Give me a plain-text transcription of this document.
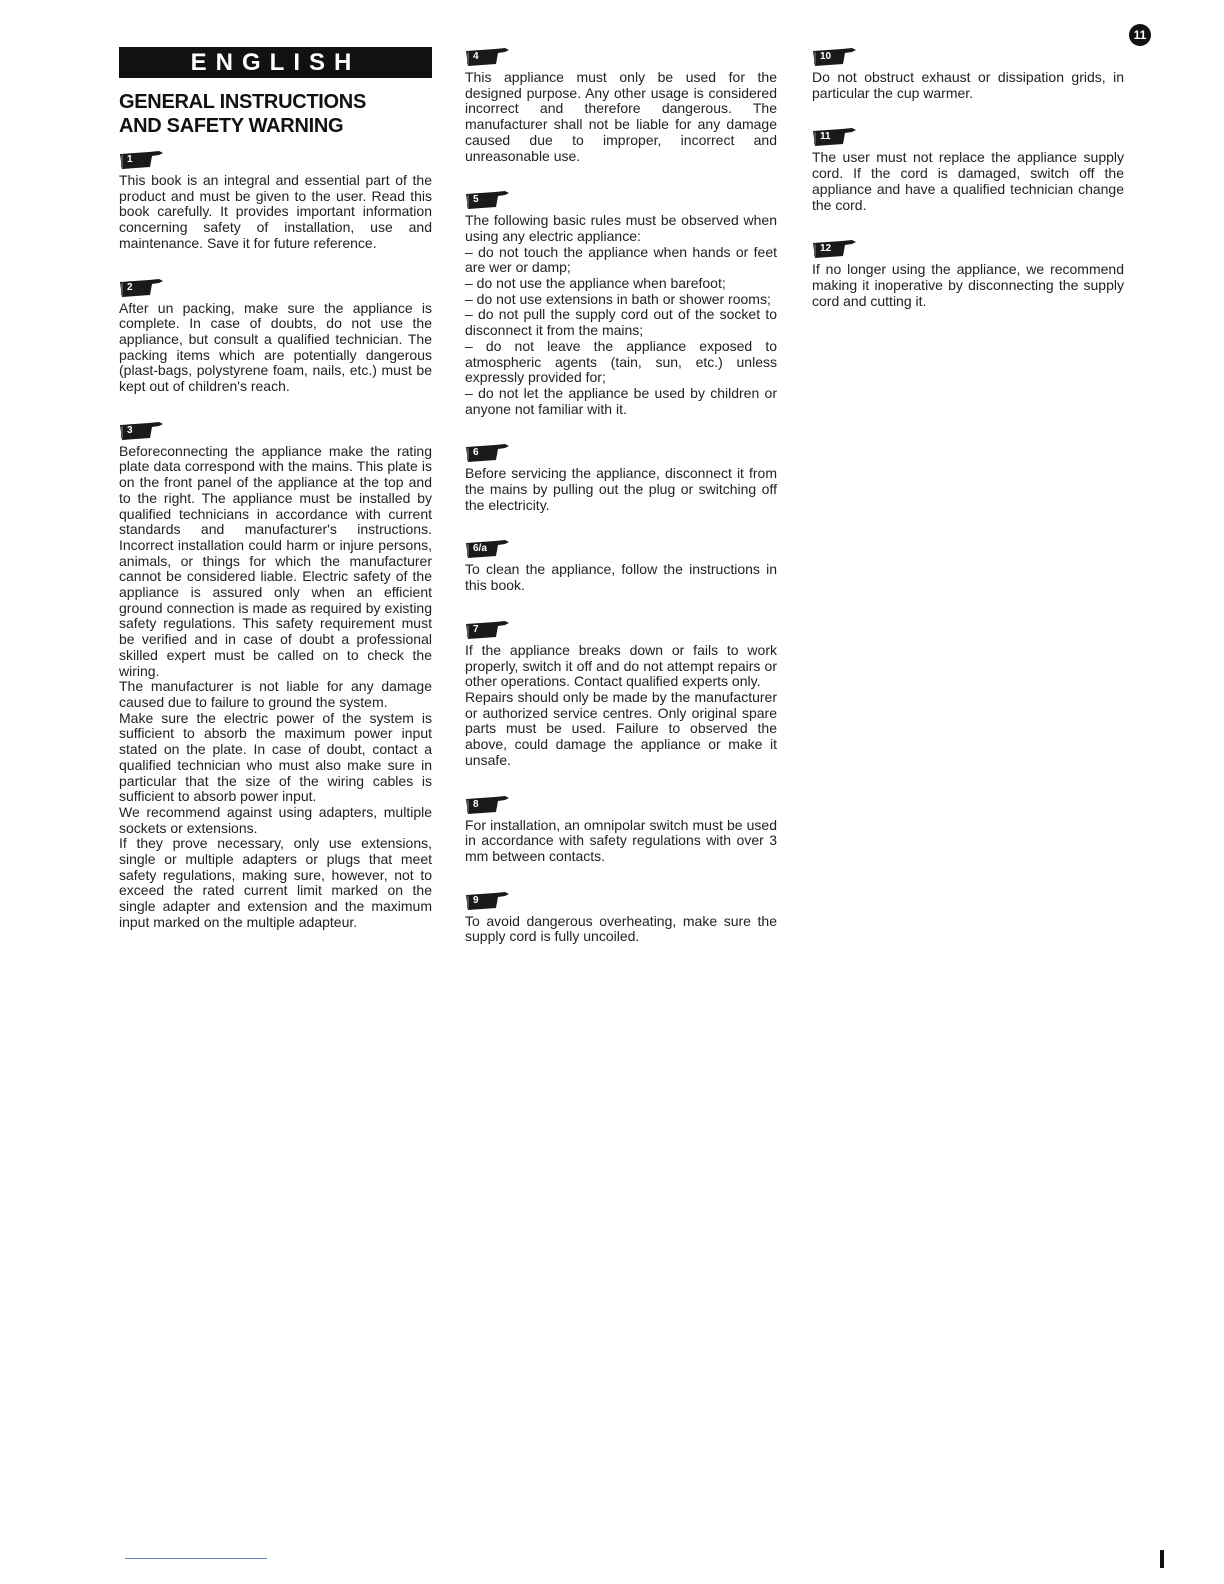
11
ENGLISH
GENERAL INSTRUCTIONS
AND SAFETY WARNING
1

This book is an integral and essential part of the product and must be given to the user. Read this book carefully. It provides important information concerning safety of installation, use and maintenance. Save it for future reference.

2

After un packing, make sure the appliance is complete. In case of doubts, do not use the appliance, but consult a qualified technician. The packing items which are potentially dangerous (plast-bags, polystyrene foam, nails, etc.) must be kept out of children's reach.

3

Beforeconnecting the appliance make the rating plate data correspond with the mains. This plate is on the front panel of the appliance at the top and to the right. The appliance must be installed by qualified technicians in accordance with current standards and manufacturer's instructions. Incorrect installation could harm or injure persons, animals, or things for which the manufacturer cannot be considered liable. Electric safety of the appliance is assured only when an efficient ground connection is made as required by existing safety regulations. This safety requirement must be verified and in case of doubt a professional skilled expert must be called on to check the wiring.

The manufacturer is not liable for any damage caused due to failure to ground the system.

Make sure the electric power of the system is sufficient to absorb the maximum power input stated on the plate. In case of doubt, contact a qualified technician who must also make sure in particular that the size of the wiring cables is sufficient to absorb power input.

We recommend against using adapters, multiple sockets or extensions.

If they prove necessary, only use extensions, single or multiple adapters or plugs that meet safety regulations, making sure, however, not to exceed the rated current limit marked on the single adapter and extension and the maximum input marked on the multiple adapteur.

4

This appliance must only be used for the designed purpose. Any other usage is considered incorrect and therefore dangerous. The manufacturer shall not be liable for any damage caused due to improper, incorrect and unreasonable use.

5

The following basic rules must be observed when using any electric appliance:

– do not touch the appliance when hands or feet are wer or damp;

– do not use the appliance when barefoot;

– do not use extensions in bath or shower rooms;

– do not pull the supply cord out of the socket to disconnect it from the mains;

– do not leave the appliance exposed to atmospheric agents (tain, sun, etc.) unless expressly provided for;

– do not let the appliance be used by children or anyone not familiar with it.

6

Before servicing the appliance, disconnect it from the mains by pulling out the plug or switching off the electricity.

6/a

To clean the appliance, follow the instructions in this book.

7

If the appliance breaks down or fails to work properly, switch it off and do not attempt repairs or other operations. Contact qualified experts only.

Repairs should only be made by the manufacturer or authorized service centres. Only original spare parts must be used. Failure to observed the above, could damage the appliance or make it unsafe.

8

For installation, an omnipolar switch must be used in accordance with safety regulations with over 3 mm between contacts.

9

To avoid dangerous overheating, make sure the supply cord is fully uncoiled.

10

Do not obstruct exhaust or dissipation grids, in particular the cup warmer.

11

The user must not replace the appliance supply cord. If the cord is damaged, switch off the appliance and have a qualified technician change the cord.

12

If no longer using the appliance, we recommend making it inoperative by disconnecting the supply cord and cutting it.
